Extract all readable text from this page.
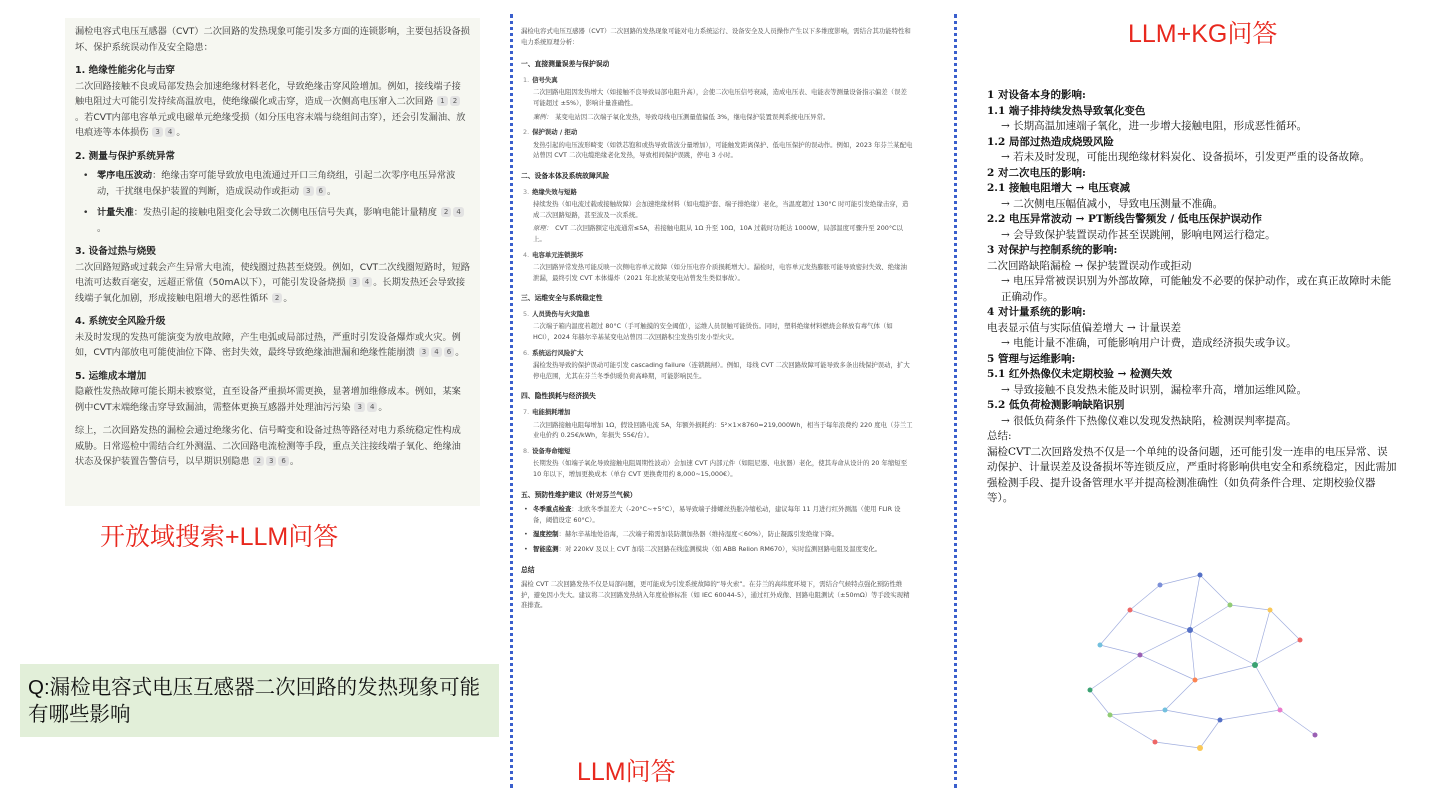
漏检电容式电压互感器（CVT）二次回路的发热现象可能引发多方面的连锁影响，主要包括设备损坏、保护系统误动作及安全隐患：

1. 绝缘性能劣化与击穿

二次回路接触不良或局部发热会加速绝缘材料老化，导致绝缘击穿风险增加。例如，接线端子接触电阻过大可能引发持续高温放电，使绝缘碳化或击穿，造成一次侧高电压窜入二次回路 1 2。若CVT内部电容单元或电磁单元绝缘受损（如分压电容末端与绕组间击穿），还会引发漏油、放电痕迹等本体损伤 3 4 。

2. 测量与保护系统异常
• 零序电压波动：绝缘击穿可能导致放电电流通过开口三角绕组，引起二次零序电压异常波动，干扰继电保护装置的判断，造成误动作或拒动 3 6 。
• 计量失准：发热引起的接触电阻变化会导致二次侧电压信号失真，影响电能计量精度 2 4。
3. 设备过热与烧毁

二次回路短路或过载会产生异常大电流，使线圈过热甚至烧毁。例如，CVT二次线圈短路时，短路电流可达数百毫安，远超正常值（50mA以下），可能引发设备烧损 3 4 。长期发热还会导致接线端子氧化加剧，形成接触电阻增大的恶性循环 2 。

4. 系统安全风险升级

未及时发现的发热可能演变为放电故障，产生电弧或局部过热，严重时引发设备爆炸或火灾。例如，CVT内部放电可能使油位下降、密封失效，最终导致绝缘油泄漏和绝缘性能崩溃 3 4 6 。

5. 运维成本增加

隐蔽性发热故障可能长期未被察觉，直至设备严重损坏需更换，显著增加维修成本。例如，某案例中CVT末端绝缘击穿导致漏油，需整体更换互感器并处理油污污染 3 4 。

综上，二次回路发热的漏检会通过绝缘劣化、信号畸变和设备过热等路径对电力系统稳定性构成威胁。日常巡检中需结合红外测温、二次回路电流检测等手段，重点关注接线端子氧化、绝缘油状态及保护装置告警信号，以早期识别隐患 2 3 6 。

开放域搜索+LLM问答
Q:漏检电容式电压互感器二次回路的发热现象可能有哪些影响
漏检电容式电压互感器（CVT）二次回路的发热现象可能对电力系统运行、设备安全及人员操作产生以下多维度影响，需结合其功能特性和电力系统原理分析：
一、直接测量误差与保护误动
1. 信号失真
二次回路电阻因发热增大（如接触不良导致局部电阻升高），会使二次电压信号衰减，造成电压表、电能表等测量设备指示偏差（误差可能超过 ±5%），影响计量准确性。
案例： 某变电站因二次端子氧化发热，导致母线电压测量值偏低 3%，继电保护装置误判系统电压异常。
2. 保护误动 / 拒动
发热引起的电压波形畸变（如铁芯饱和或热导致谐波分量增加），可能触发距离保护、低电压保护的误动作。例如，2023 年芬兰某配电站曾因 CVT 二次电缆绝缘老化发热，导致相间保护误跳，停电 3 小时。
二、设备本体及系统故障风险
3. 绝缘失效与短路
持续发热（如电流过载或接触故障）会加速绝缘材料（如电缆护套、端子排绝缘）老化，当温度超过 130°C 时可能引发绝缘击穿，造成二次回路短路，甚至波及一次系统。
原理： CVT 二次回路额定电流通常≤5A，若接触电阻从 1Ω 升至 10Ω，10A 过载时功耗达 1000W，局部温度可骤升至 200°C以上。
4. 电容单元连锁损坏
二次回路异常发热可能反映一次侧电容单元故障（如分压电容介质损耗增大）。漏检时，电容单元发热膨胀可能导致密封失效、绝缘油泄漏，最终引发 CVT 本体爆炸（2021 年北欧某变电站曾发生类似事故）。
三、运维安全与系统稳定性
5. 人员烫伤与火灾隐患
二次端子箱内温度若超过 80°C（手可触摸的安全阈值），运维人员误触可能烫伤。同时，塑料绝缘材料燃烧会释放有毒气体（如 HCl），2024 年赫尔辛基某变电站曾因二次回路积尘发热引发小型火灾。
6. 系统运行风险扩大
漏检发热导致的保护误动可能引发 cascading failure（连锁跳闸）。例如，母线 CVT 二次回路故障可能导致多条出线保护误动，扩大停电范围，尤其在芬兰冬季供暖负荷高峰期，可能影响民生。
四、隐性损耗与经济损失
7. 电能损耗增加
二次回路接触电阻每增加 1Ω，假设回路电流 5A，年额外损耗约：5²×1×8760=219,000Wh，相当于每年浪费约 220 度电（芬兰工业电价约 0.25€/kWh，年损失 55€/台）。
8. 设备寿命缩短
长期发热（如端子氧化导致接触电阻周期性波动）会加速 CVT 内部元件（如阻尼器、电抗器）老化，使其寿命从设计的 20 年缩短至 10 年以下，增加更换成本（单台 CVT 更换费用约 8,000~15,000€）。
五、预防性维护建议（针对芬兰气候）
• 冬季重点检查：北欧冬季温差大（-20°C~+5°C），易导致端子排螺丝热胀冷缩松动，建议每年 11 月进行红外测温（使用 FLIR 设备，阈值设定 60°C）。
• 湿度控制：赫尔辛基地处沿海，二次端子箱需加装防潮加热器（维持湿度＜60%），防止凝露引发绝缘下降。
• 智能监测：对 220kV 及以上 CVT 加装二次回路在线监测模块（如 ABB Relion RM670），实时监测回路电阻及温度变化。
总结
漏检 CVT 二次回路发热不仅是局部问题，更可能成为引发系统故障的“导火索”。在芬兰的高纬度环境下，需结合气候特点强化预防性维护，避免因小失大。建议将二次回路发热纳入年度检修标准（如 IEC 60044-5），通过红外成像、回路电阻测试（±50mΩ）等手段实现精准排查。
LLM问答
LLM+KG问答
1 对设备本身的影响:
1.1 端子排持续发热导致氧化变色
→ 长期高温加速端子氧化，进一步增大接触电阻，形成恶性循环。
1.2 局部过热造成烧毁风险
→ 若未及时发现，可能出现绝缘材料炭化、设备损坏，引发更严重的设备故障。
2 对二次电压的影响:
2.1 接触电阻增大 → 电压衰减
→ 二次侧电压幅值减小，导致电压测量不准确。
2.2 电压异常波动 → PT断线告警频发 / 低电压保护误动作
→ 会导致保护装置误动作甚至误跳闸，影响电网运行稳定。
3 对保护与控制系统的影响:
二次回路缺陷漏检 → 保护装置误动作或拒动
→ 电压异常被误识别为外部故障，可能触发不必要的保护动作，或在真正故障时未能正确动作。
4 对计量系统的影响:
电表显示值与实际值偏差增大 → 计量误差
→ 电能计量不准确，可能影响用户计费，造成经济损失或争议。
5 管理与运维影响:
5.1 红外热像仪未定期校验 → 检测失效
→ 导致接触不良发热未能及时识别，漏检率升高，增加运维风险。
5.2 低负荷检测影响缺陷识别
→ 很低负荷条件下热像仪难以发现发热缺陷，检测误判率提高。
总结:
漏检CVT二次回路发热不仅是一个单纯的设备问题，还可能引发一连串的电压异常、误动保护、计量误差及设备损坏等连锁反应，严重时将影响供电安全和系统稳定，因此需加强检测手段、提升设备管理水平并提高检测准确性（如负荷条件合理、定期校验仪器等）。
